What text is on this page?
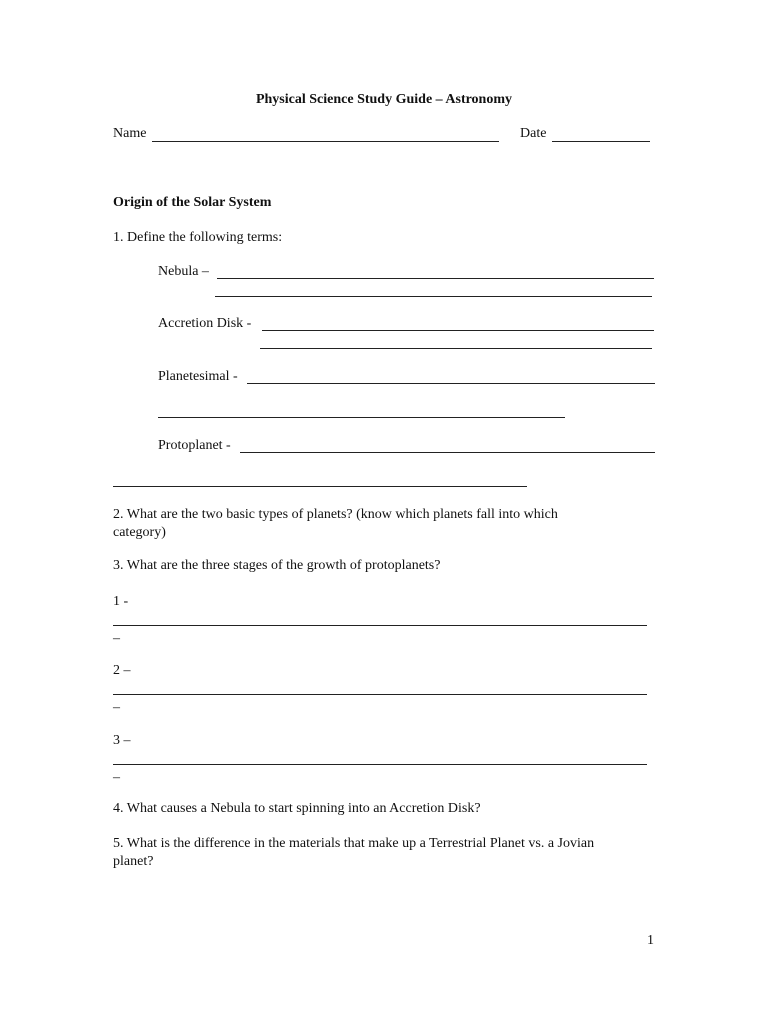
Physical Science Study Guide – Astronomy
Name	Date
Origin of the Solar System
1. Define the following terms:
Nebula –
Accretion Disk -
Planetesimal -
Protoplanet -
2. What are the two basic types of planets? (know which planets fall into which
category)
3. What are the three stages of the growth of protoplanets?
1 -
–
2 –
–
3 –
–
4. What causes a Nebula to start spinning into an Accretion Disk?
5. What is the difference in the materials that make up a Terrestrial Planet vs. a Jovian
planet?
1
